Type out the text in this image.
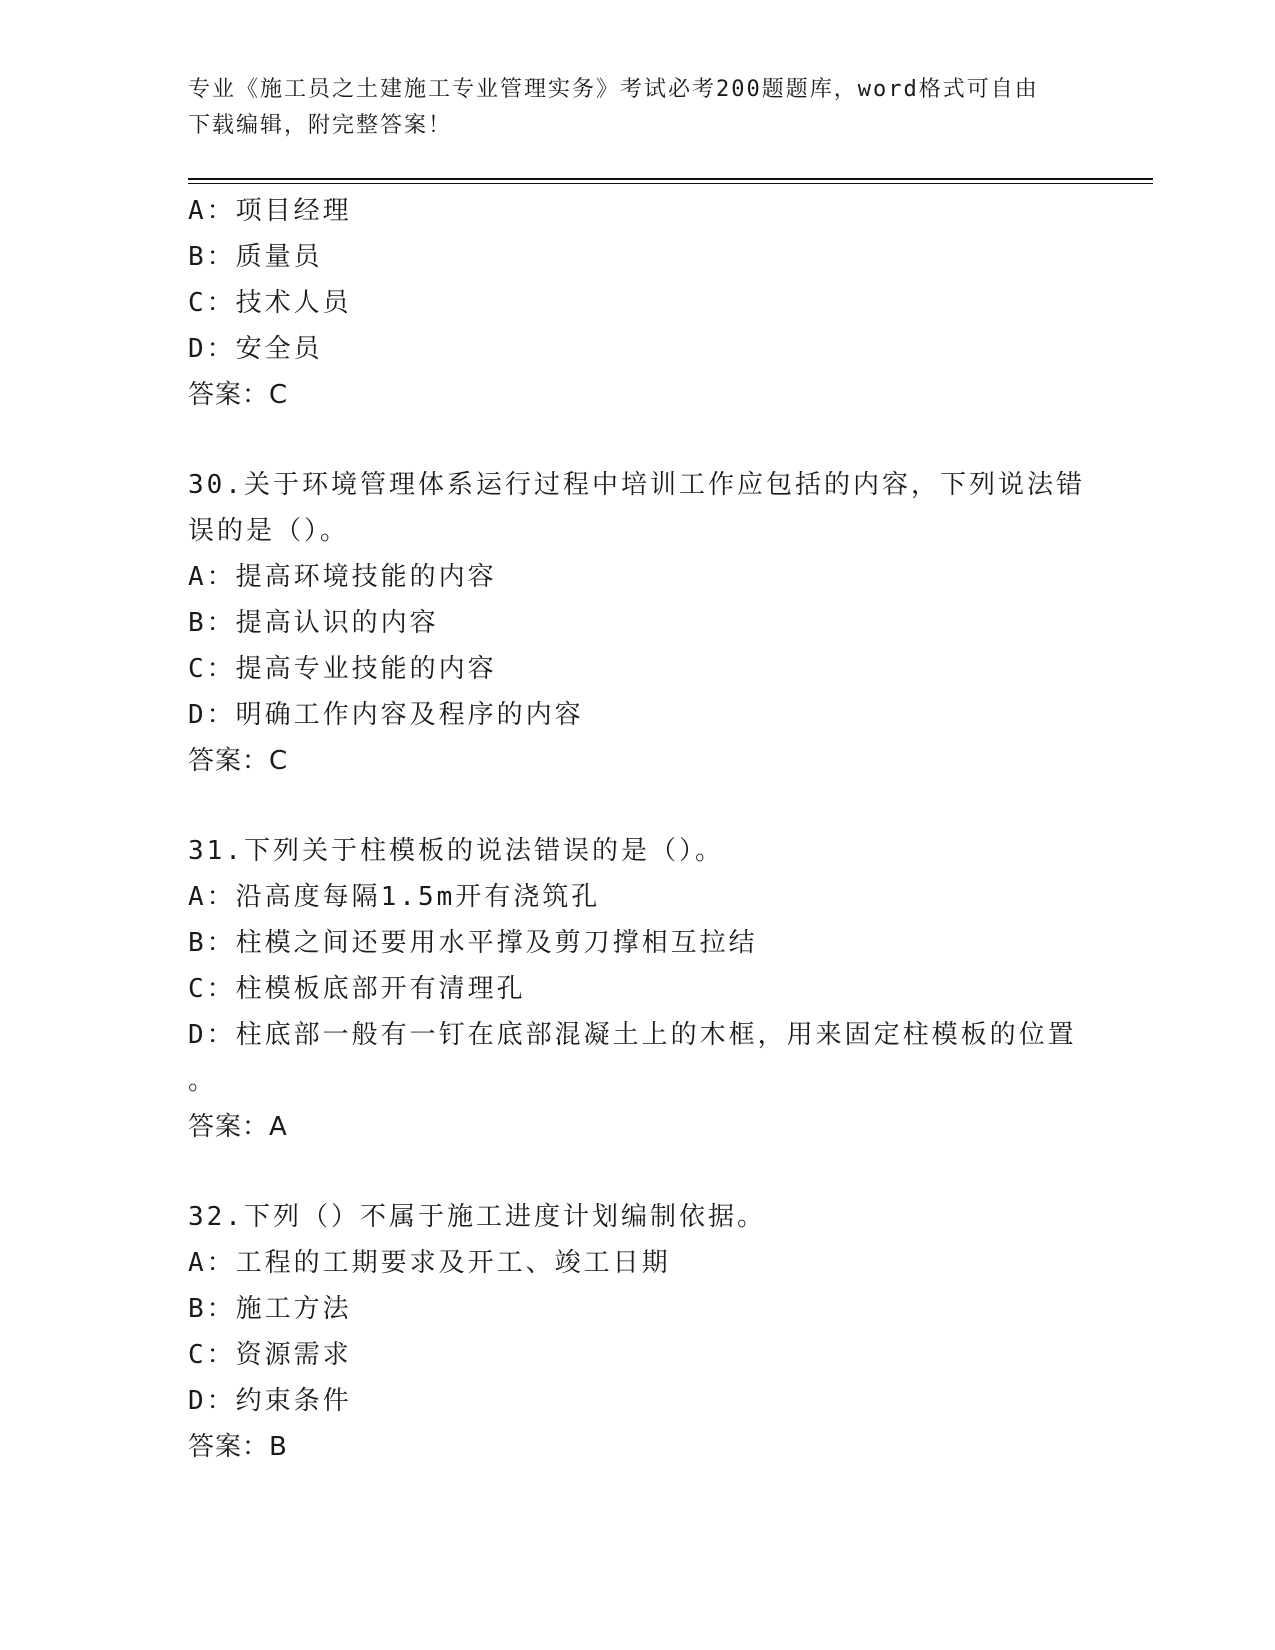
专业《施工员之土建施工专业管理实务》考试必考200题题库，word格式可自由
下载编辑，附完整答案！
A：项目经理
B：质量员
C：技术人员
D：安全员
答案：C
30.关于环境管理体系运行过程中培训工作应包括的内容，下列说法错
误的是（）。
A：提高环境技能的内容
B：提高认识的内容
C：提高专业技能的内容
D：明确工作内容及程序的内容
答案：C
31.下列关于柱模板的说法错误的是（）。
A：沿高度每隔1.5m开有浇筑孔
B：柱模之间还要用水平撑及剪刀撑相互拉结
C：柱模板底部开有清理孔
D：柱底部一般有一钉在底部混凝土上的木框，用来固定柱模板的位置
。
答案：A
32.下列（）不属于施工进度计划编制依据。
A：工程的工期要求及开工、竣工日期
B：施工方法
C：资源需求
D：约束条件
答案：B
